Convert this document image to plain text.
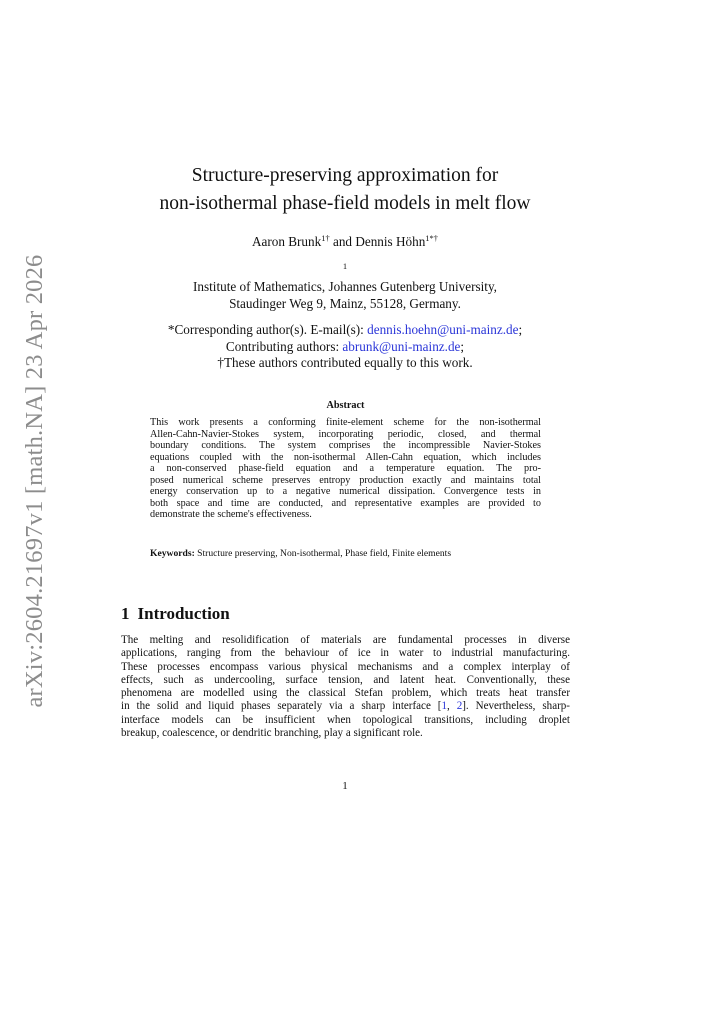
arXiv:2604.21697v1 [math.NA] 23 Apr 2026
Structure-preserving approximation for
non-isothermal phase-field models in melt flow
Aaron Brunk$^{1\dagger}$ and Dennis Höhn$^{1*\dagger}$
$^1$
Institute of Mathematics, Johannes Gutenberg University,
Staudinger Weg 9, Mainz, 55128, Germany.
*Corresponding author(s). E-mail(s): dennis.hoehn@uni-mainz.de;
Contributing authors: abrunk@uni-mainz.de;
†These authors contributed equally to this work.
Abstract
This work presents a conforming finite-element scheme for the non-isothermal
Allen-Cahn-Navier-Stokes system, incorporating periodic, closed, and thermal
boundary conditions. The system comprises the incompressible Navier-Stokes
equations coupled with the non-isothermal Allen-Cahn equation, which includes
a non-conserved phase-field equation and a temperature equation. The pro-
posed numerical scheme preserves entropy production exactly and maintains total
energy conservation up to a negative numerical dissipation. Convergence tests in
both space and time are conducted, and representative examples are provided to
demonstrate the scheme's effectiveness.
Keywords: Structure preserving, Non-isothermal, Phase field, Finite elements
1 Introduction
The melting and resolidification of materials are fundamental processes in diverse
applications, ranging from the behaviour of ice in water to industrial manufacturing.
These processes encompass various physical mechanisms and a complex interplay of
effects, such as undercooling, surface tension, and latent heat. Conventionally, these
phenomena are modelled using the classical Stefan problem, which treats heat transfer
in the solid and liquid phases separately via a sharp interface [1, 2]. Nevertheless, sharp-
interface models can be insufficient when topological transitions, including droplet
breakup, coalescence, or dendritic branching, play a significant role.
1
